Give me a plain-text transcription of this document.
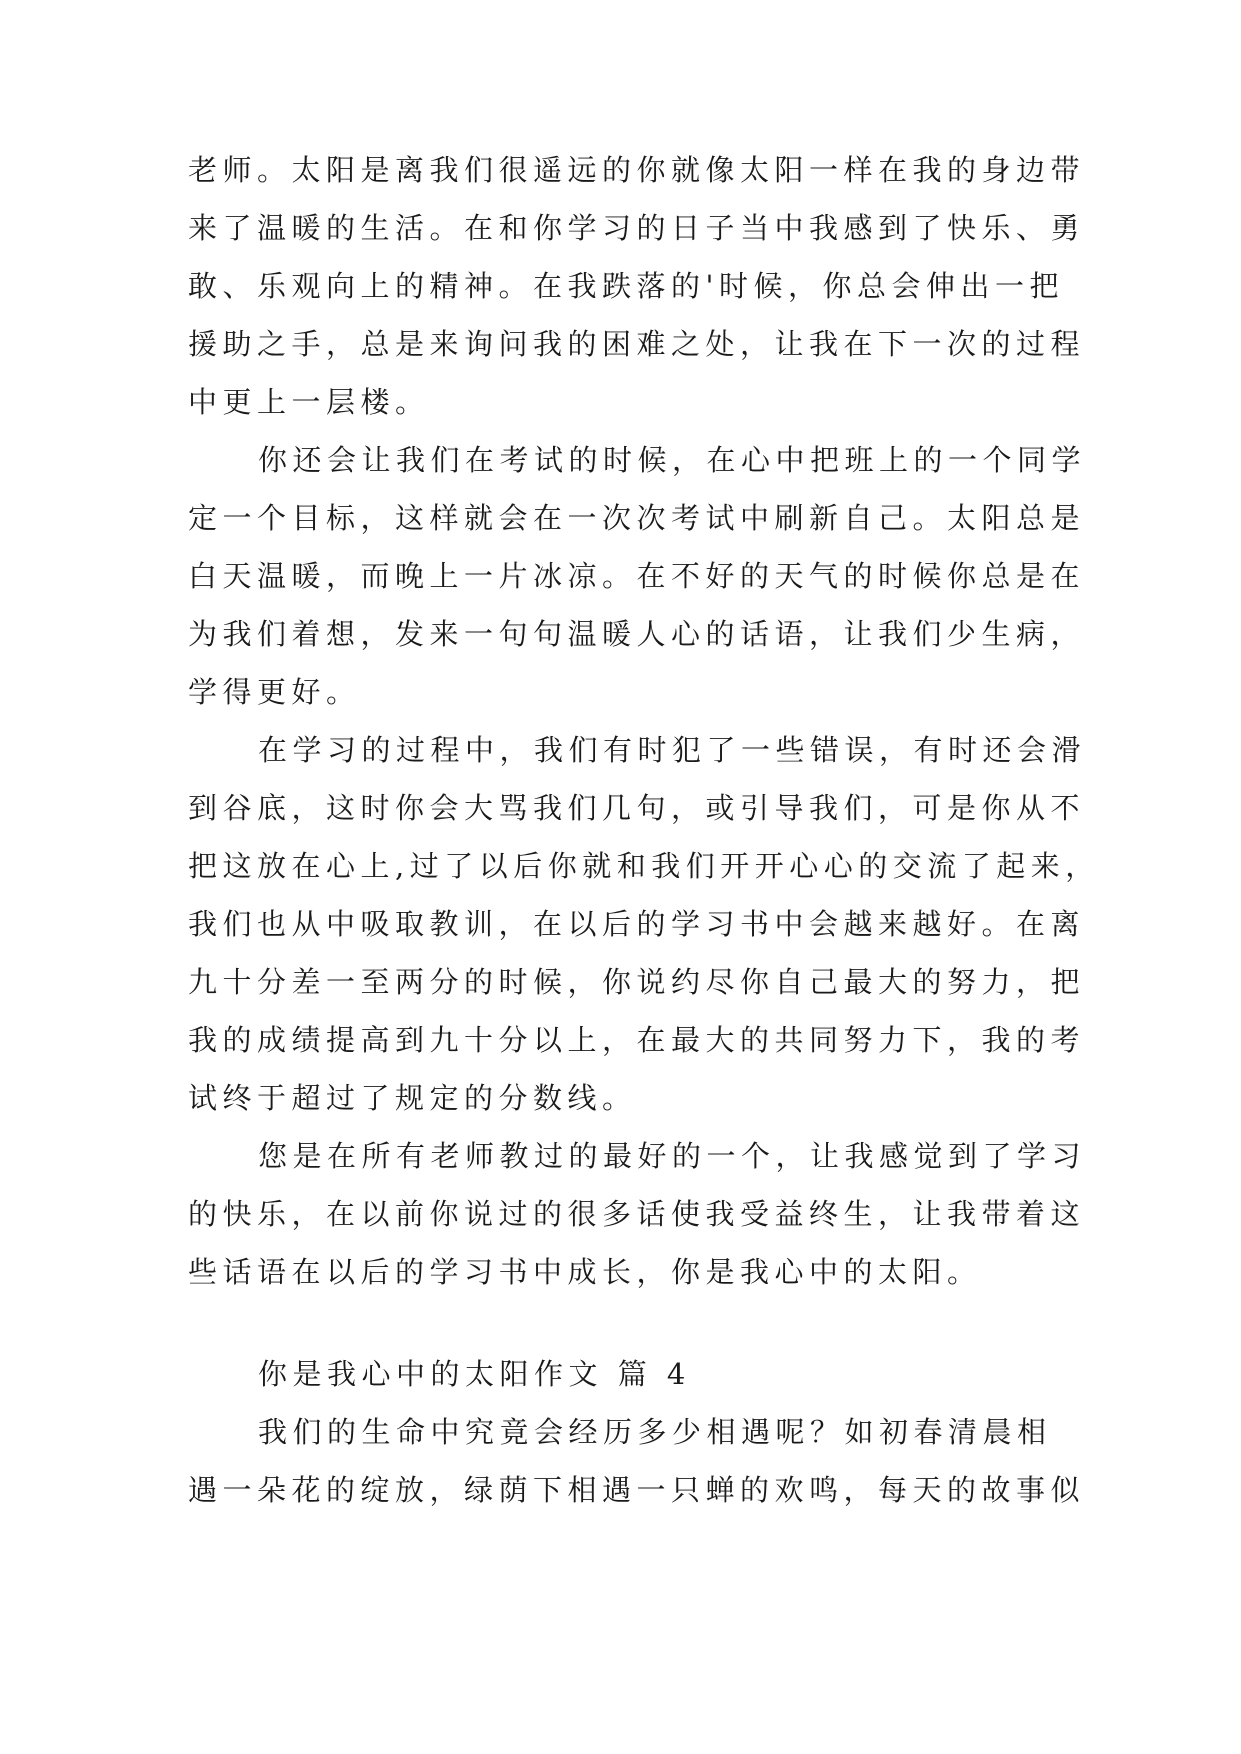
老师。太阳是离我们很遥远的你就像太阳一样在我的身边带
来了温暖的生活。在和你学习的日子当中我感到了快乐、勇
敢、乐观向上的精神。在我跌落的'时候，你总会伸出一把
援助之手，总是来询问我的困难之处，让我在下一次的过程
中更上一层楼。
你还会让我们在考试的时候，在心中把班上的一个同学
定一个目标，这样就会在一次次考试中刷新自己。太阳总是
白天温暖，而晚上一片冰凉。在不好的天气的时候你总是在
为我们着想，发来一句句温暖人心的话语，让我们少生病，
学得更好。
在学习的过程中，我们有时犯了一些错误，有时还会滑
到谷底，这时你会大骂我们几句，或引导我们，可是你从不
把这放在心上,过了以后你就和我们开开心心的交流了起来，
我们也从中吸取教训，在以后的学习书中会越来越好。在离
九十分差一至两分的时候，你说约尽你自己最大的努力，把
我的成绩提高到九十分以上，在最大的共同努力下，我的考
试终于超过了规定的分数线。
您是在所有老师教过的最好的一个，让我感觉到了学习
的快乐，在以前你说过的很多话使我受益终生，让我带着这
些话语在以后的学习书中成长，你是我心中的太阳。
你是我心中的太阳作文 篇 4
我们的生命中究竟会经历多少相遇呢？如初春清晨相
遇一朵花的绽放，绿荫下相遇一只蝉的欢鸣，每天的故事似
